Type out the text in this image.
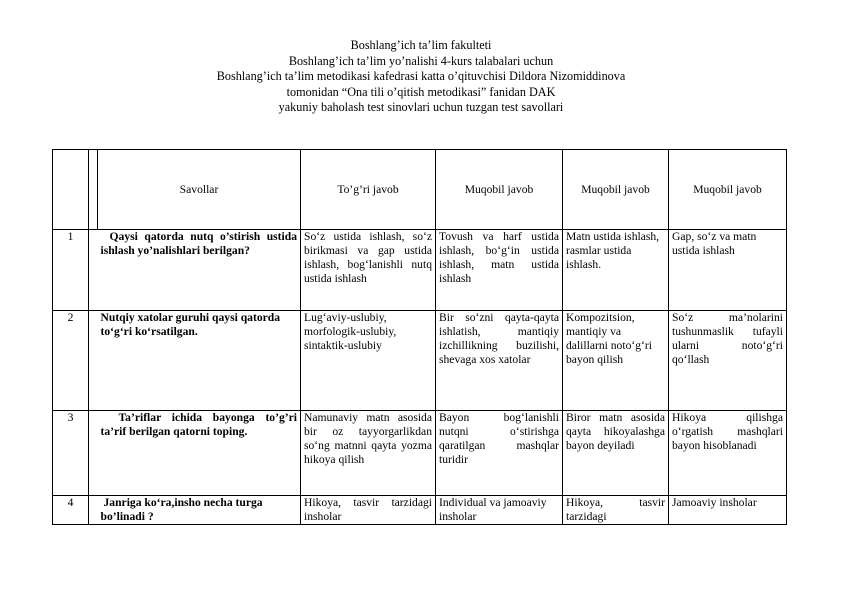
Boshlang’ich ta’lim fakulteti
Boshlang’ich ta’lim yo’nalishi 4-kurs talabalari uchun
Boshlang’ich ta’lim metodikasi kafedrasi katta o’qituvchisi Dildora Nizomiddinova
tomonidan “Ona tili o’qitish metodikasi” fanidan DAK
yakuniy baholash test sinovlari uchun tuzgan test savollari
		Savollar	To’g’ri javob	Muqobil javob	Muqobil javob	Muqobil javob
1		Qaysi qatorda nutq o’stirish ustida ishlash yo’nalishlari berilgan?	So‘z ustida ishlash, so‘z birikmasi va gap ustida ishlash, bog‘lanishli nutq ustida ishlash	Tovush va harf ustida ishlash, bo‘g‘in ustida ishlash, matn ustida ishlash	Matn ustida ishlash, rasmlar ustida ishlash.	Gap, so‘z va matn ustida ishlash
2		Nutqiy xatolar guruhi qaysi qatorda to‘g‘ri ko‘rsatilgan.	Lug‘aviy-uslubiy, morfologik-uslubiy, sintaktik-uslubiy	Bir so‘zni qayta-qayta ishlatish, mantiqiy izchillikning buzilishi, shevaga xos xatolar	Kompozitsion, mantiqiy va dalillarni noto‘g‘ri bayon qilish	So‘z ma’nolarini tushunmaslik tufayli ularni noto‘g‘ri qo‘llash
3		Ta’riflar ichida bayonga to’g’ri ta’rif berilgan qatorni toping.	Namunaviy matn asosida bir oz tayyorgarlikdan so‘ng matnni qayta yozma hikoya qilish	Bayon bog‘lanishli nutqni o‘stirishga qaratilgan mashqlar turidir	Biror matn asosida qayta hikoyalashga bayon deyiladi	Hikoya qilishga o‘rgatish mashqlari bayon hisoblanadi
4		Janriga ko‘ra,insho necha turga bo’linadi ?	Hikoya, tasvir tarzidagi insholar	Individual va jamoaviy insholar	Hikoya, tasvir tarzidagi	Jamoaviy insholar
